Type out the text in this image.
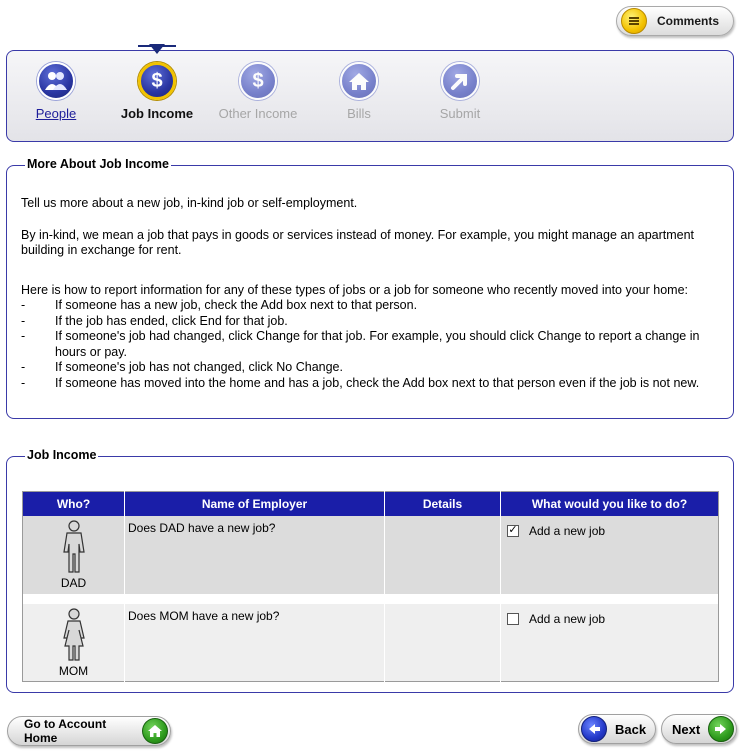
Comments
People
$
Job Income
$
Other Income	Bills	Submit
More About Job Income

Tell us more about a new job, in-kind job or self-employment.

By in-kind, we mean a job that pays in goods or services instead of money. For example, you might manage an apartment building in exchange for rent.

Here is how to report information for any of these types of jobs or a job for someone who recently moved into your home:
- If someone has a new job, check the Add box next to that person.
- If the job has ended, click End for that job.
- If someone's job had changed, click Change for that job. For example, you should click Change to report a change in hours or pay.
- If someone's job has not changed, click No Change.
- If someone has moved into the home and has a job, check the Add box next to that person even if the job is not new.
Job Income
Who?	Name of Employer	Details	What would you like to do?

DAD	Does DAD have a new job?		✓ Add a new job

MOM	Does MOM have a new job?		Add a new job
Go to Account Home
Back Next
